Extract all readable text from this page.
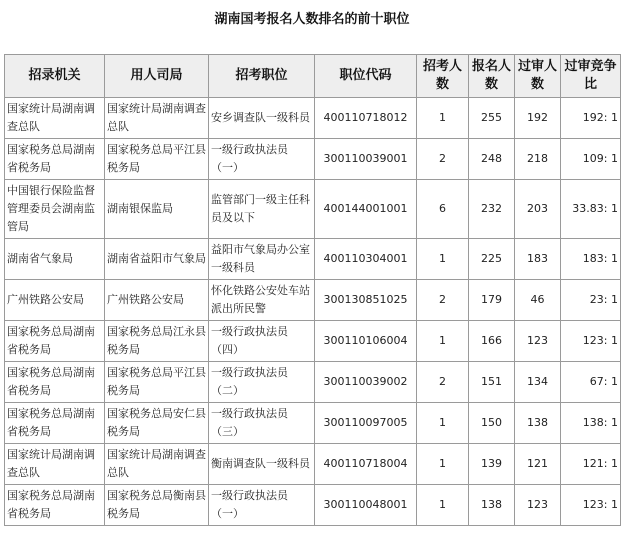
湖南国考报名人数排名的前十职位
招录机关	用人司局	招考职位	职位代码	招考人数	报名人数	过审人数	过审竞争比
国家统计局湖南调查总队	国家统计局湖南调查总队	安乡调查队一级科员	400110718012	1	255	192	192: 1
国家税务总局湖南省税务局	国家税务总局平江县税务局	一级行政执法员（一）	300110039001	2	248	218	109: 1
中国银行保险监督管理委员会湖南监管局	湖南银保监局	监管部门一级主任科员及以下	400144001001	6	232	203	33.83: 1
湖南省气象局	湖南省益阳市气象局	益阳市气象局办公室一级科员	400110304001	1	225	183	183: 1
广州铁路公安局	广州铁路公安局	怀化铁路公安处车站派出所民警	300130851025	2	179	46	23: 1
国家税务总局湖南省税务局	国家税务总局江永县税务局	一级行政执法员（四）	300110106004	1	166	123	123: 1
国家税务总局湖南省税务局	国家税务总局平江县税务局	一级行政执法员（二）	300110039002	2	151	134	67: 1
国家税务总局湖南省税务局	国家税务总局安仁县税务局	一级行政执法员（三）	300110097005	1	150	138	138: 1
国家统计局湖南调查总队	国家统计局湖南调查总队	衡南调查队一级科员	400110718004	1	139	121	121: 1
国家税务总局湖南省税务局	国家税务总局衡南县税务局	一级行政执法员（一）	300110048001	1	138	123	123: 1
